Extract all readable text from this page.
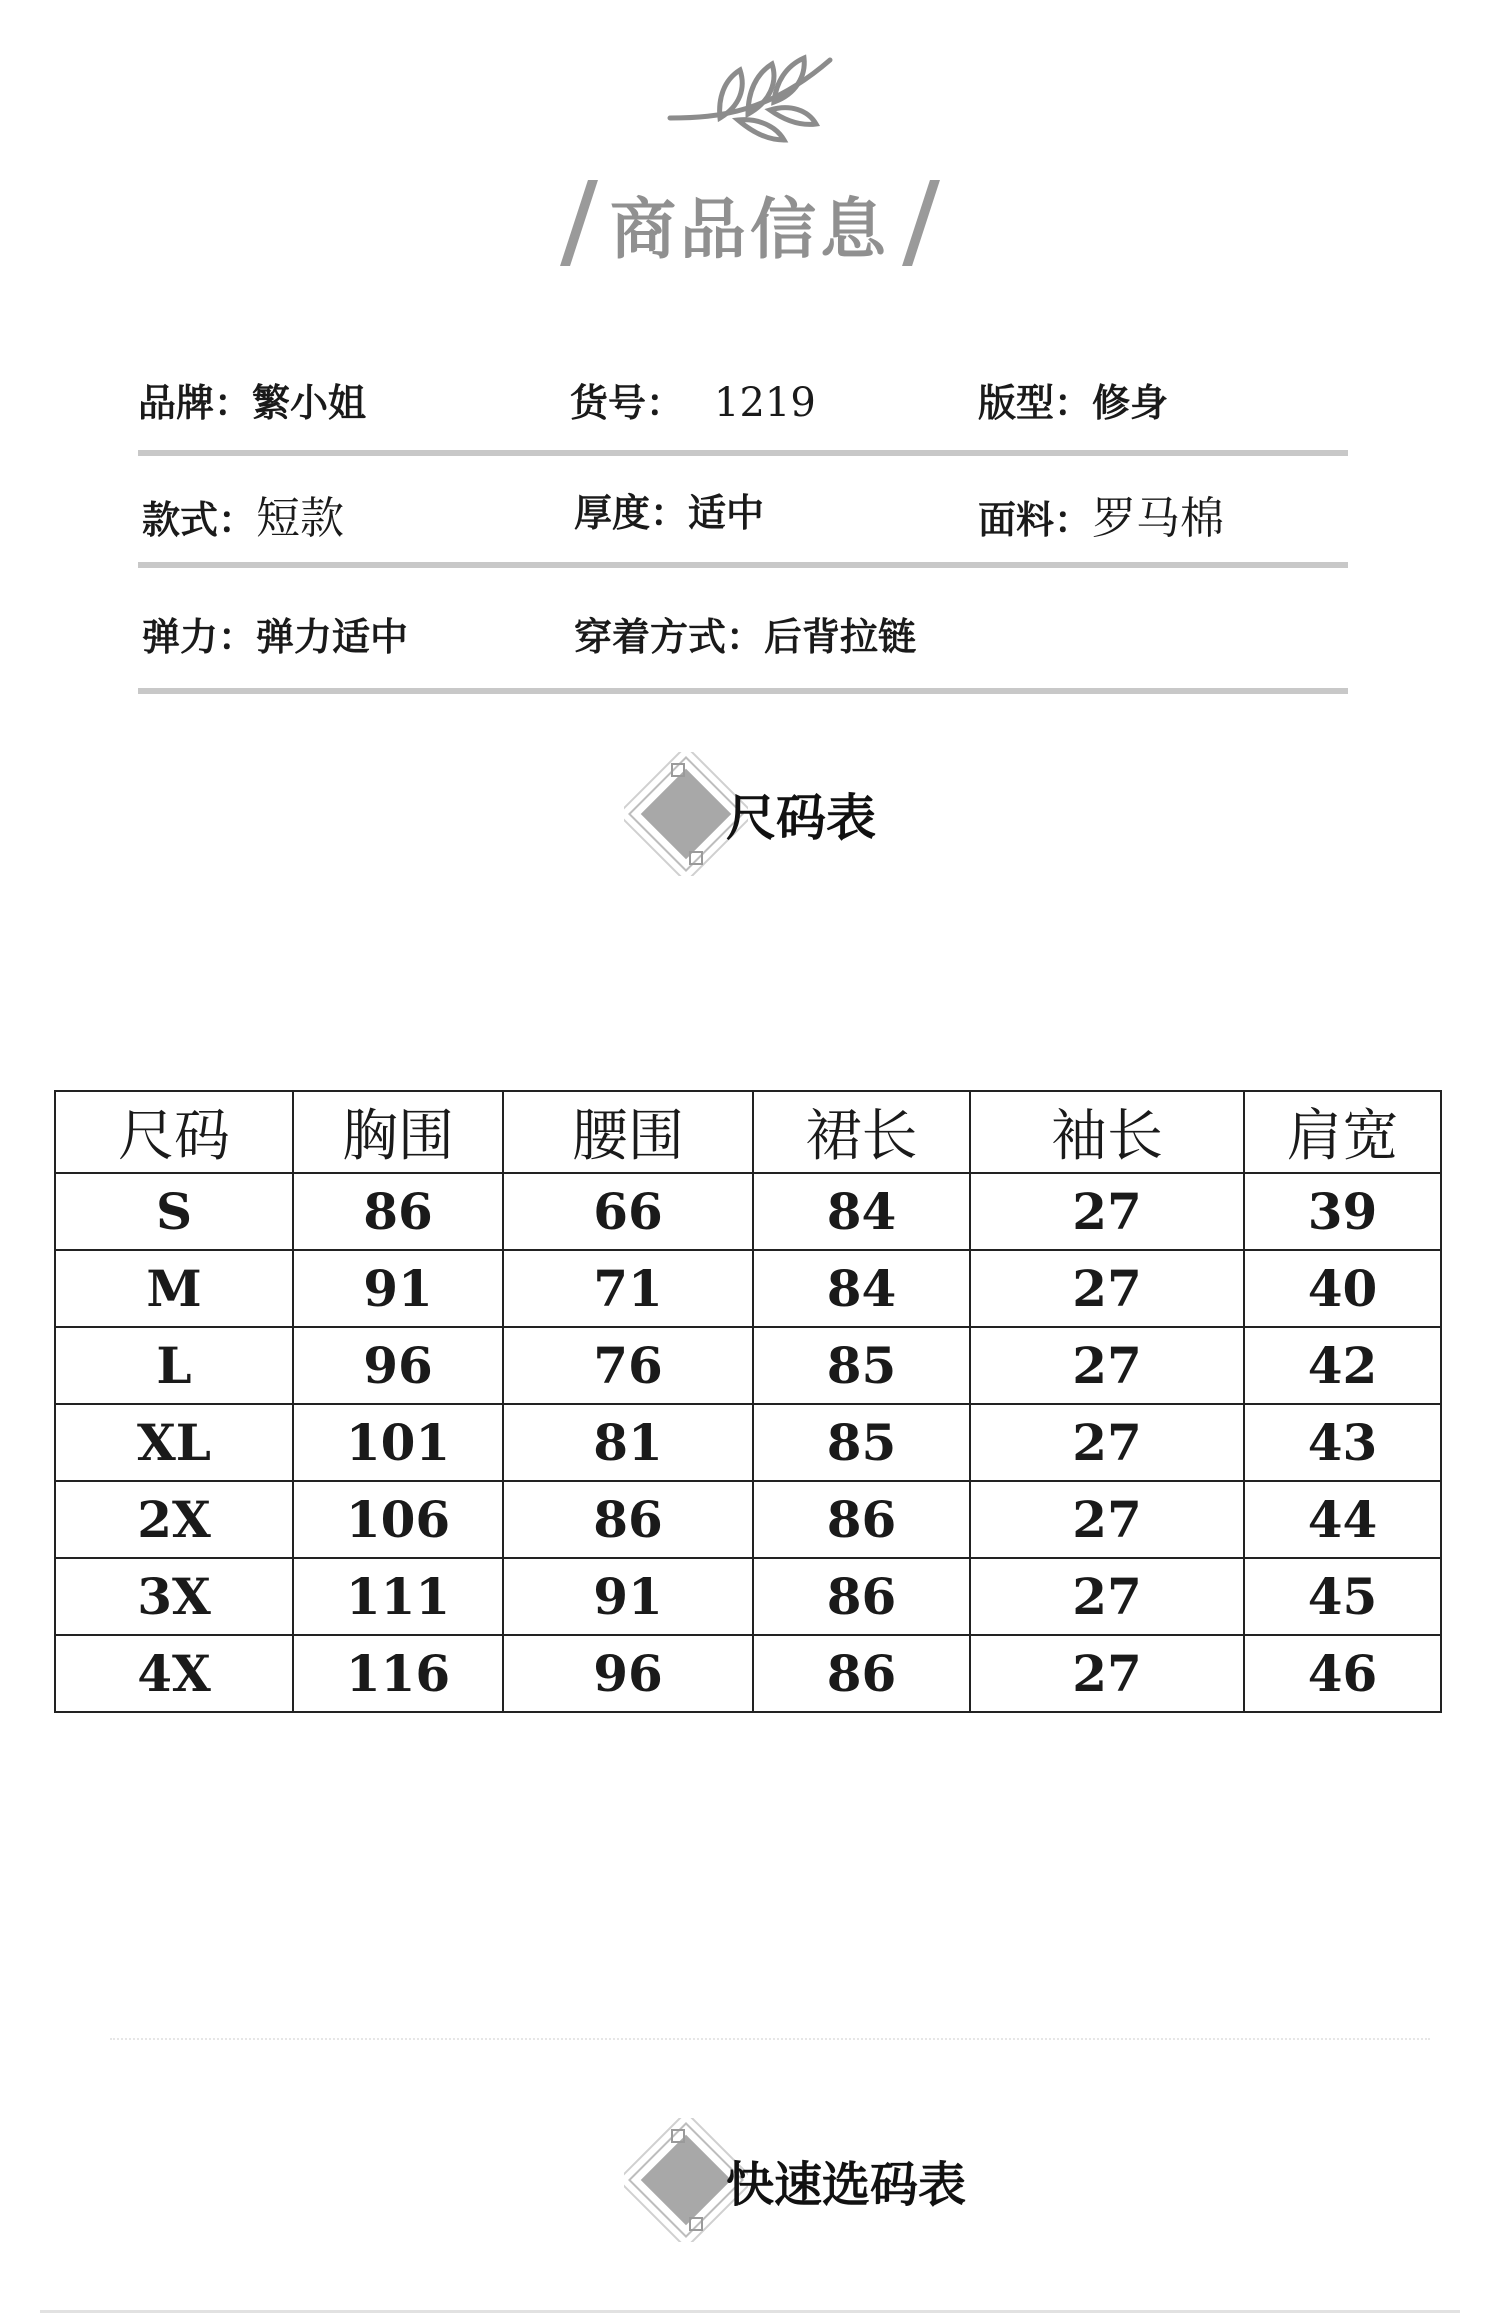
商品信息
品牌：繁小姐	货号： 1219	版型：修身
款式：短款	厚度：适中	面料：罗马棉
弹力：弹力适中	穿着方式：后背拉链
尺码表
尺码	胸围	腰围	裙长	袖长	肩宽
S	86	66	84	27	39
M	91	71	84	27	40
L	96	76	85	27	42
XL	101	81	85	27	43
2X	106	86	86	27	44
3X	111	91	86	27	45
4X	116	96	86	27	46
快速选码表
